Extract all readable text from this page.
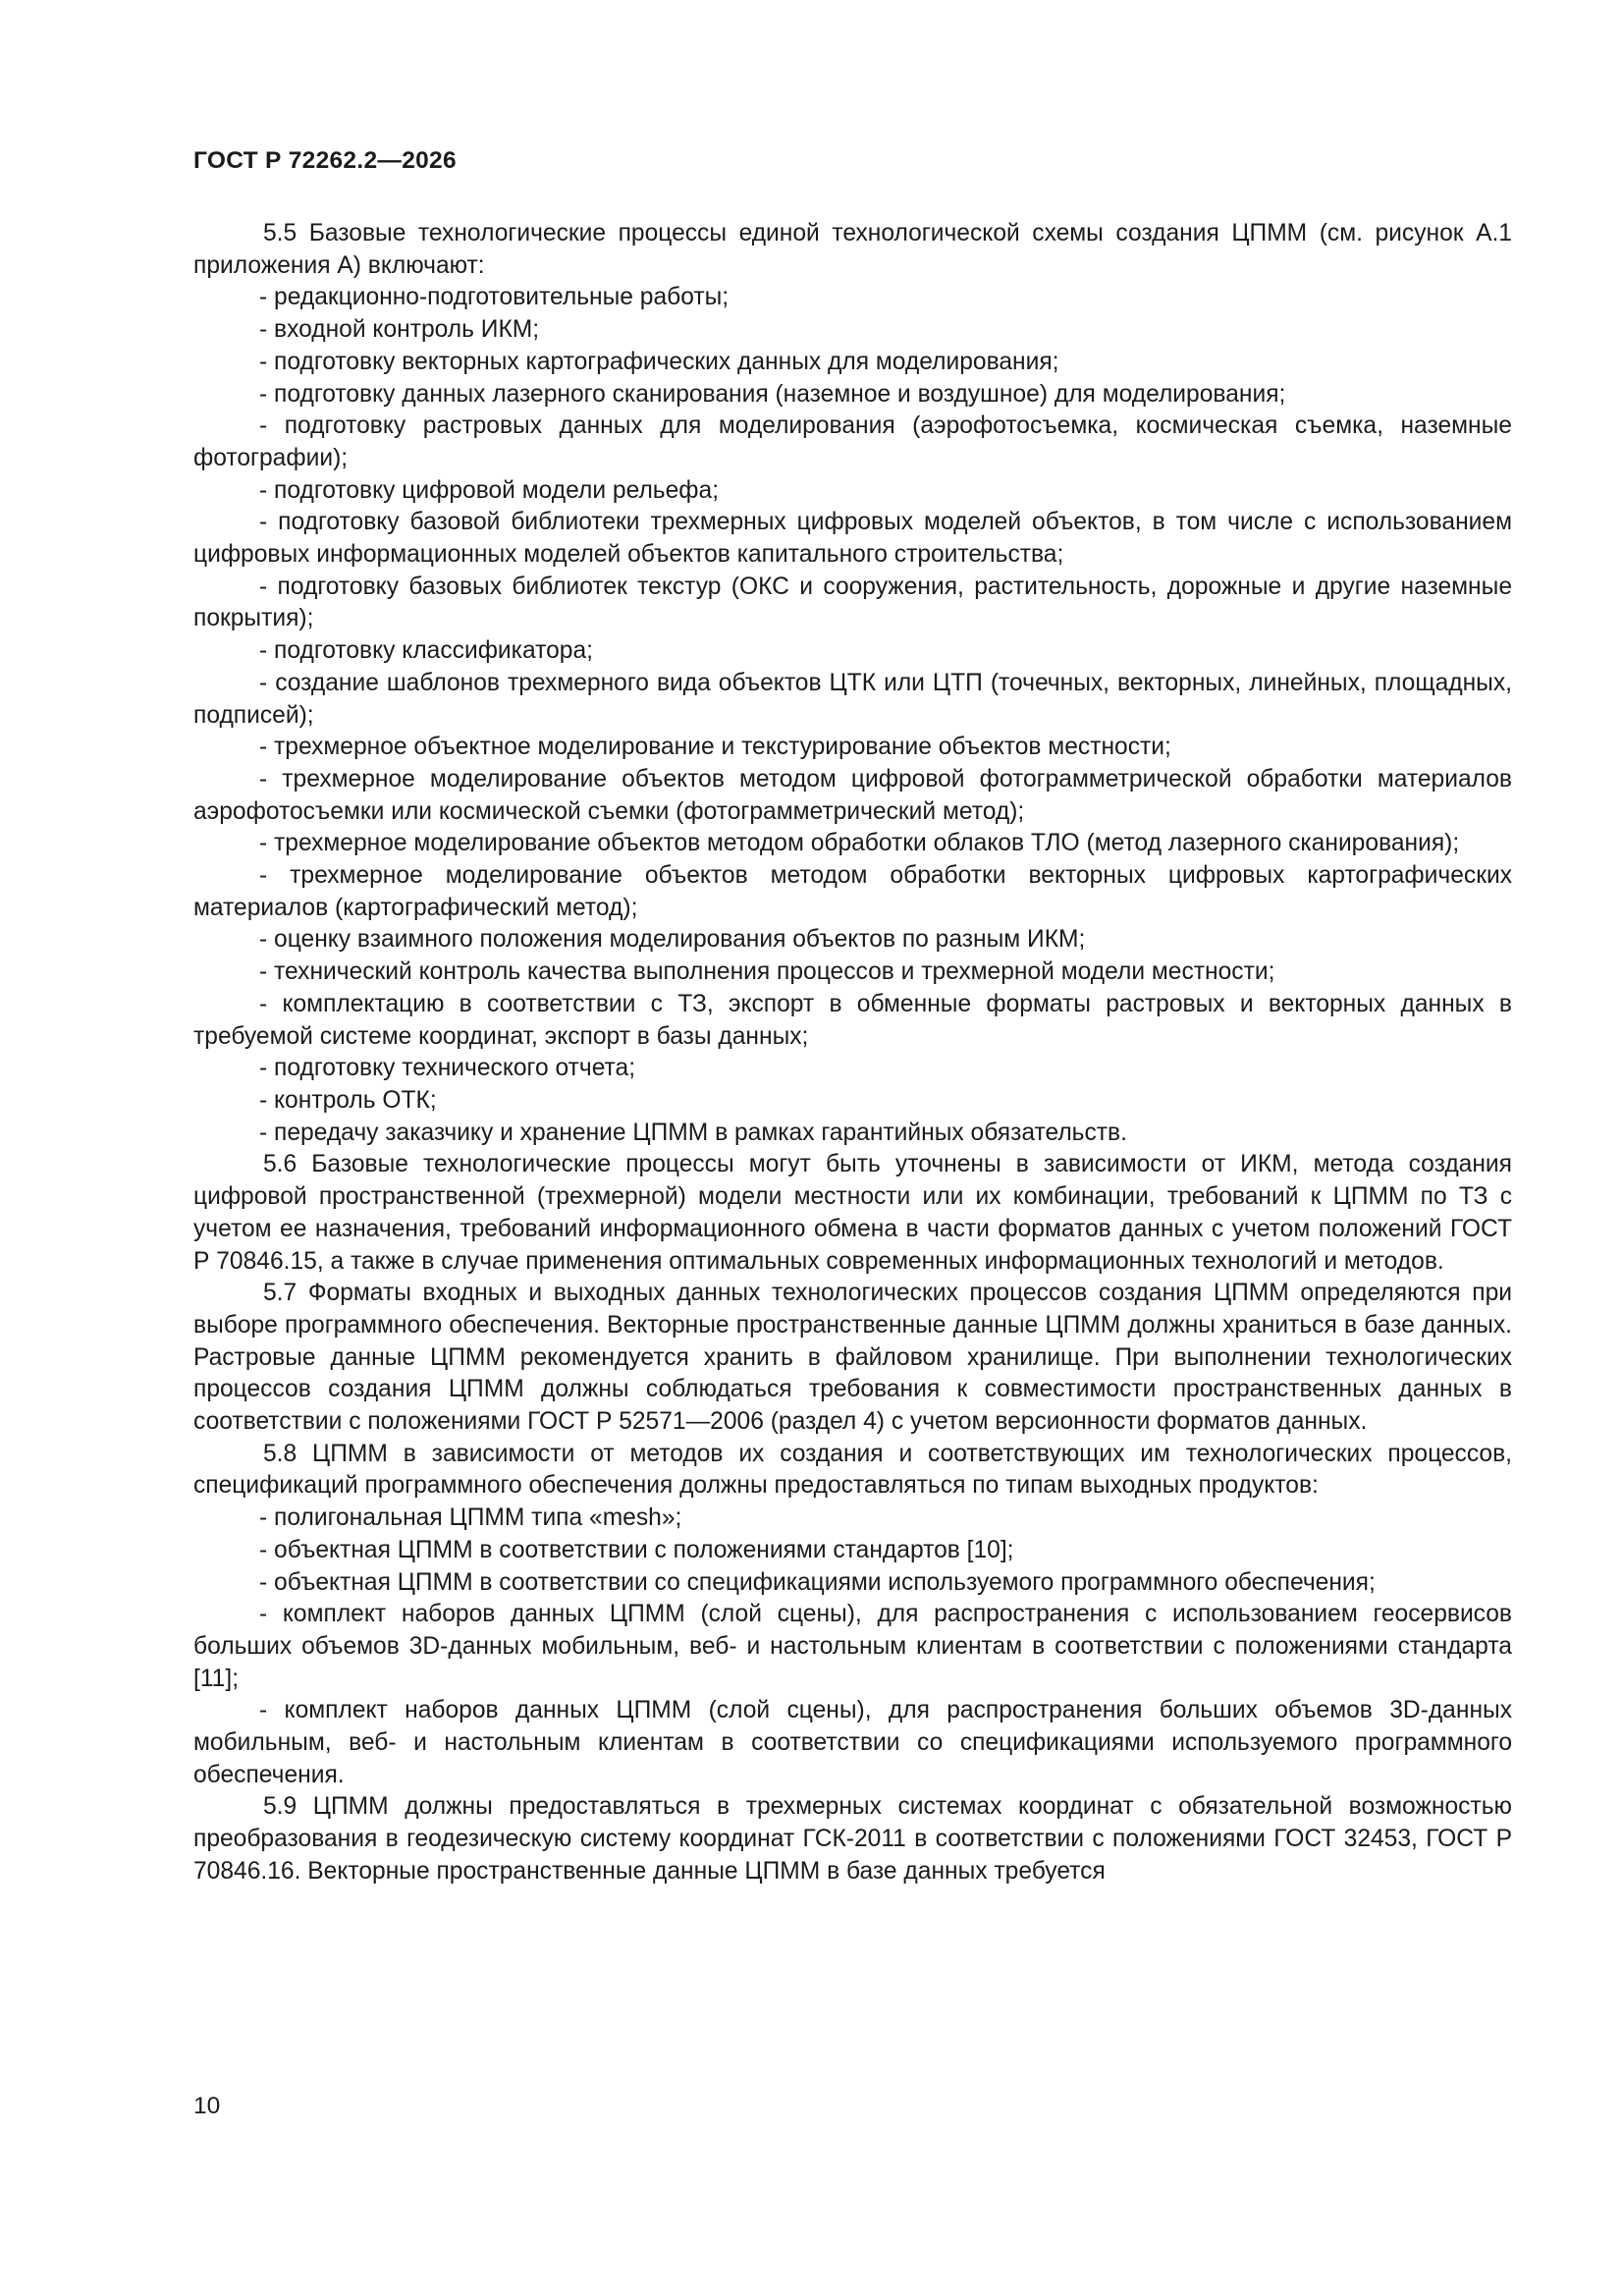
ГОСТ Р 72262.2—2026

5.5 Базовые технологические процессы единой технологической схемы создания ЦПММ (см. рисунок А.1 приложения А) включают:

- редакционно-подготовительные работы;

- входной контроль ИКМ;

- подготовку векторных картографических данных для моделирования;

- подготовку данных лазерного сканирования (наземное и воздушное) для моделирования;

- подготовку растровых данных для моделирования (аэрофотосъемка, космическая съемка, наземные фотографии);

- подготовку цифровой модели рельефа;

- подготовку базовой библиотеки трехмерных цифровых моделей объектов, в том числе с использованием цифровых информационных моделей объектов капитального строительства;

- подготовку базовых библиотек текстур (ОКС и сооружения, растительность, дорожные и другие наземные покрытия);

- подготовку классификатора;

- создание шаблонов трехмерного вида объектов ЦТК или ЦТП (точечных, векторных, линейных, площадных, подписей);

- трехмерное объектное моделирование и текстурирование объектов местности;

- трехмерное моделирование объектов методом цифровой фотограмметрической обработки материалов аэрофотосъемки или космической съемки (фотограмметрический метод);

- трехмерное моделирование объектов методом обработки облаков ТЛО (метод лазерного сканирования);

- трехмерное моделирование объектов методом обработки векторных цифровых картографических материалов (картографический метод);

- оценку взаимного положения моделирования объектов по разным ИКМ;

- технический контроль качества выполнения процессов и трехмерной модели местности;

- комплектацию в соответствии с ТЗ, экспорт в обменные форматы растровых и векторных данных в требуемой системе координат, экспорт в базы данных;

- подготовку технического отчета;

- контроль ОТК;

- передачу заказчику и хранение ЦПММ в рамках гарантийных обязательств.

5.6 Базовые технологические процессы могут быть уточнены в зависимости от ИКМ, метода создания цифровой пространственной (трехмерной) модели местности или их комбинации, требований к ЦПММ по ТЗ с учетом ее назначения, требований информационного обмена в части форматов данных с учетом положений ГОСТ Р 70846.15, а также в случае применения оптимальных современных информационных технологий и методов.

5.7 Форматы входных и выходных данных технологических процессов создания ЦПММ определяются при выборе программного обеспечения. Векторные пространственные данные ЦПММ должны храниться в базе данных. Растровые данные ЦПММ рекомендуется хранить в файловом хранилище. При выполнении технологических процессов создания ЦПММ должны соблюдаться требования к совместимости пространственных данных в соответствии с положениями ГОСТ Р 52571—2006 (раздел 4) с учетом версионности форматов данных.

5.8 ЦПММ в зависимости от методов их создания и соответствующих им технологических процессов, спецификаций программного обеспечения должны предоставляться по типам выходных продуктов:

- полигональная ЦПММ типа «mesh»;

- объектная ЦПММ в соответствии с положениями стандартов [10];

- объектная ЦПММ в соответствии со спецификациями используемого программного обеспечения;

- комплект наборов данных ЦПММ (слой сцены), для распространения с использованием геосервисов больших объемов 3D-данных мобильным, веб- и настольным клиентам в соответствии с положениями стандарта [11];

- комплект наборов данных ЦПММ (слой сцены), для распространения больших объемов 3D-данных мобильным, веб- и настольным клиентам в соответствии со спецификациями используемого программного обеспечения.

5.9 ЦПММ должны предоставляться в трехмерных системах координат с обязательной возможностью преобразования в геодезическую систему координат ГСК-2011 в соответствии с положениями ГОСТ 32453, ГОСТ Р 70846.16. Векторные пространственные данные ЦПММ в базе данных требуется

10
